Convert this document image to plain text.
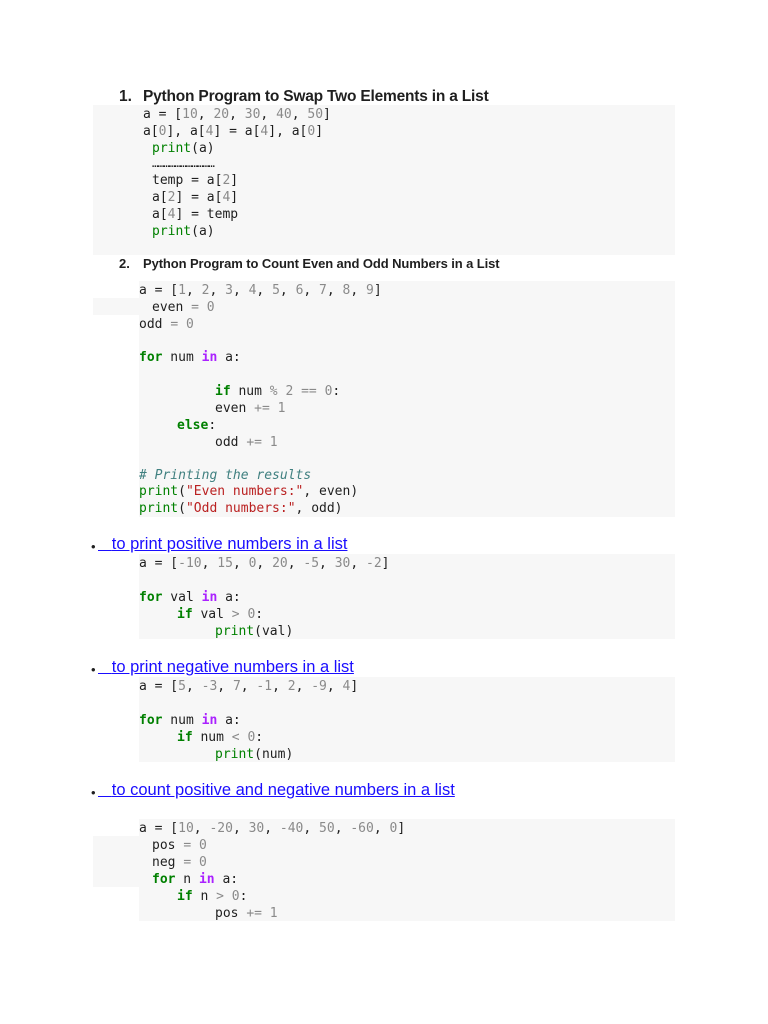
1. Python Program to Swap Two Elements in a List
a = [10, 20, 30, 40, 50]
a[0], a[4] = a[4], a[0]
print(a)
……………………………
temp = a[2]
a[2] = a[4]
a[4] = temp
print(a)
2. Python Program to Count Even and Odd Numbers in a List
a = [1, 2, 3, 4, 5, 6, 7, 8, 9]
even = 0
odd = 0
for num in a:
if num % 2 == 0:
even += 1
else:
odd += 1
# Printing the results
print("Even numbers:", even)
print("Odd numbers:", odd)
• to print positive numbers in a list
a = [-10, 15, 0, 20, -5, 30, -2]
for val in a:
if val > 0:
print(val)
• to print negative numbers in a list
a = [5, -3, 7, -1, 2, -9, 4]
for num in a:
if num < 0:
print(num)
• to count positive and negative numbers in a list
a = [10, -20, 30, -40, 50, -60, 0]
pos = 0
neg = 0
for n in a:
if n > 0:
pos += 1
